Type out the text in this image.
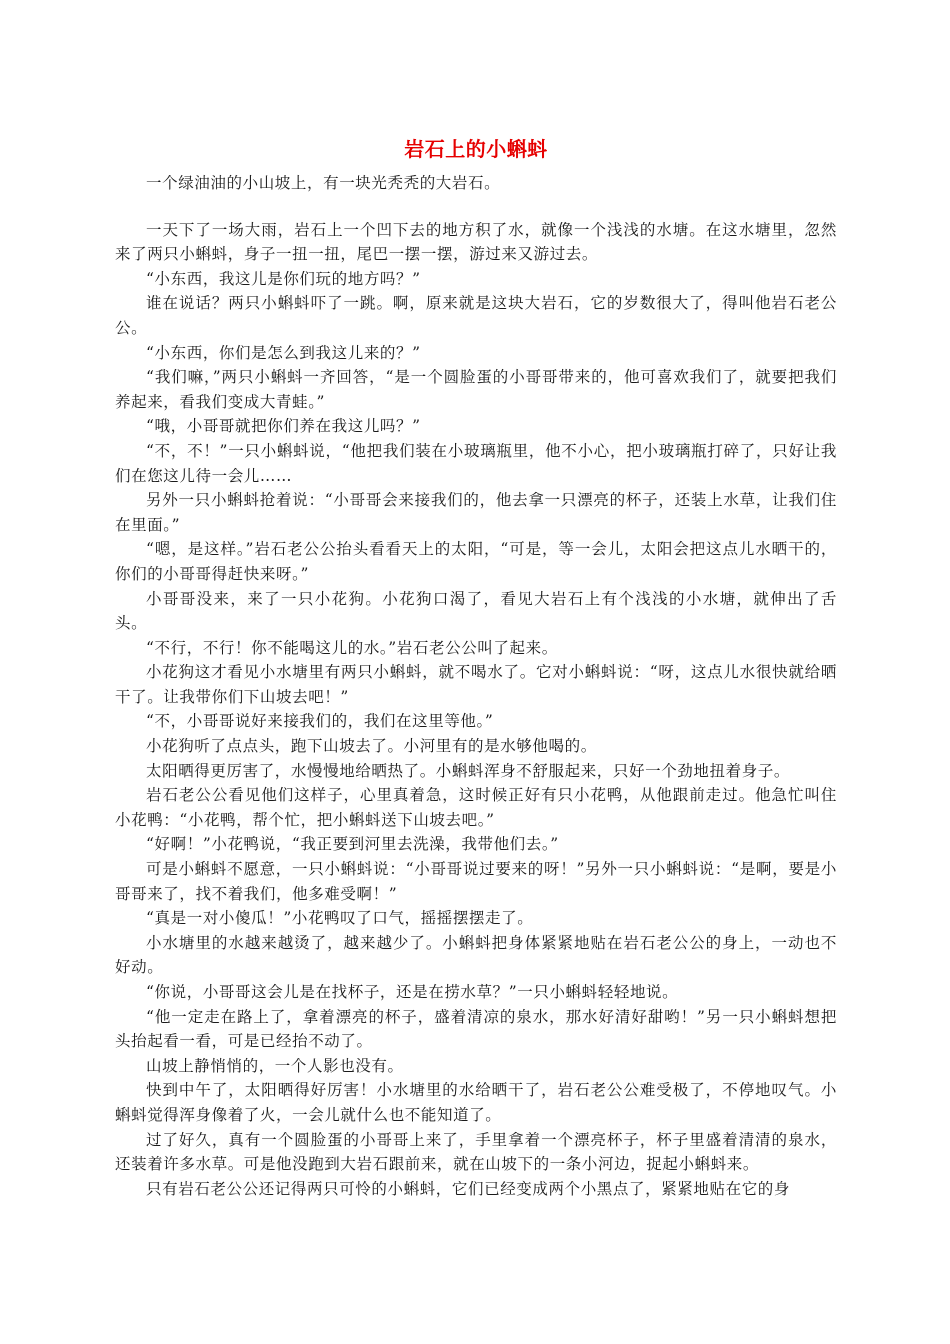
岩石上的小蝌蚪

一个绿油油的小山坡上，有一块光秃秃的大岩石。

一天下了一场大雨，岩石上一个凹下去的地方积了水，就像一个浅浅的水塘。在这水塘里，忽然来了两只小蝌蚪，身子一扭一扭，尾巴一摆一摆，游过来又游过去。

“小东西，我这儿是你们玩的地方吗？”

谁在说话？两只小蝌蚪吓了一跳。啊，原来就是这块大岩石，它的岁数很大了，得叫他岩石老公公。

“小东西，你们是怎么到我这儿来的？”

“我们嘛，”两只小蝌蚪一齐回答，“是一个圆脸蛋的小哥哥带来的，他可喜欢我们了，就要把我们养起来，看我们变成大青蛙。”

“哦，小哥哥就把你们养在我这儿吗？”

“不，不！”一只小蝌蚪说，“他把我们装在小玻璃瓶里，他不小心，把小玻璃瓶打碎了，只好让我们在您这儿待一会儿……

另外一只小蝌蚪抢着说：“小哥哥会来接我们的，他去拿一只漂亮的杯子，还装上水草，让我们住在里面。”

“嗯，是这样。”岩石老公公抬头看看天上的太阳，“可是，等一会儿，太阳会把这点儿水晒干的，你们的小哥哥得赶快来呀。”

小哥哥没来，来了一只小花狗。小花狗口渴了，看见大岩石上有个浅浅的小水塘，就伸出了舌头。

“不行，不行！你不能喝这儿的水。”岩石老公公叫了起来。

小花狗这才看见小水塘里有两只小蝌蚪，就不喝水了。它对小蝌蚪说：“呀，这点儿水很快就给晒干了。让我带你们下山坡去吧！”

“不，小哥哥说好来接我们的，我们在这里等他。”

小花狗听了点点头，跑下山坡去了。小河里有的是水够他喝的。

太阳晒得更厉害了，水慢慢地给晒热了。小蝌蚪浑身不舒服起来，只好一个劲地扭着身子。

岩石老公公看见他们这样子，心里真着急，这时候正好有只小花鸭，从他跟前走过。他急忙叫住小花鸭：“小花鸭，帮个忙，把小蝌蚪送下山坡去吧。”

“好啊！”小花鸭说，“我正要到河里去洗澡，我带他们去。”

可是小蝌蚪不愿意，一只小蝌蚪说：“小哥哥说过要来的呀！”另外一只小蝌蚪说：“是啊，要是小哥哥来了，找不着我们，他多难受啊！”

“真是一对小傻瓜！”小花鸭叹了口气，摇摇摆摆走了。

小水塘里的水越来越烫了，越来越少了。小蝌蚪把身体紧紧地贴在岩石老公公的身上，一动也不好动。

“你说，小哥哥这会儿是在找杯子，还是在捞水草？”一只小蝌蚪轻轻地说。

“他一定走在路上了，拿着漂亮的杯子，盛着清凉的泉水，那水好清好甜哟！”另一只小蝌蚪想把头抬起看一看，可是已经抬不动了。

山坡上静悄悄的，一个人影也没有。

快到中午了，太阳晒得好厉害！小水塘里的水给晒干了，岩石老公公难受极了，不停地叹气。小蝌蚪觉得浑身像着了火，一会儿就什么也不能知道了。

过了好久，真有一个圆脸蛋的小哥哥上来了，手里拿着一个漂亮杯子，杯子里盛着清清的泉水，还装着许多水草。可是他没跑到大岩石跟前来，就在山坡下的一条小河边，捉起小蝌蚪来。

只有岩石老公公还记得两只可怜的小蝌蚪，它们已经变成两个小黑点了，紧紧地贴在它的身
